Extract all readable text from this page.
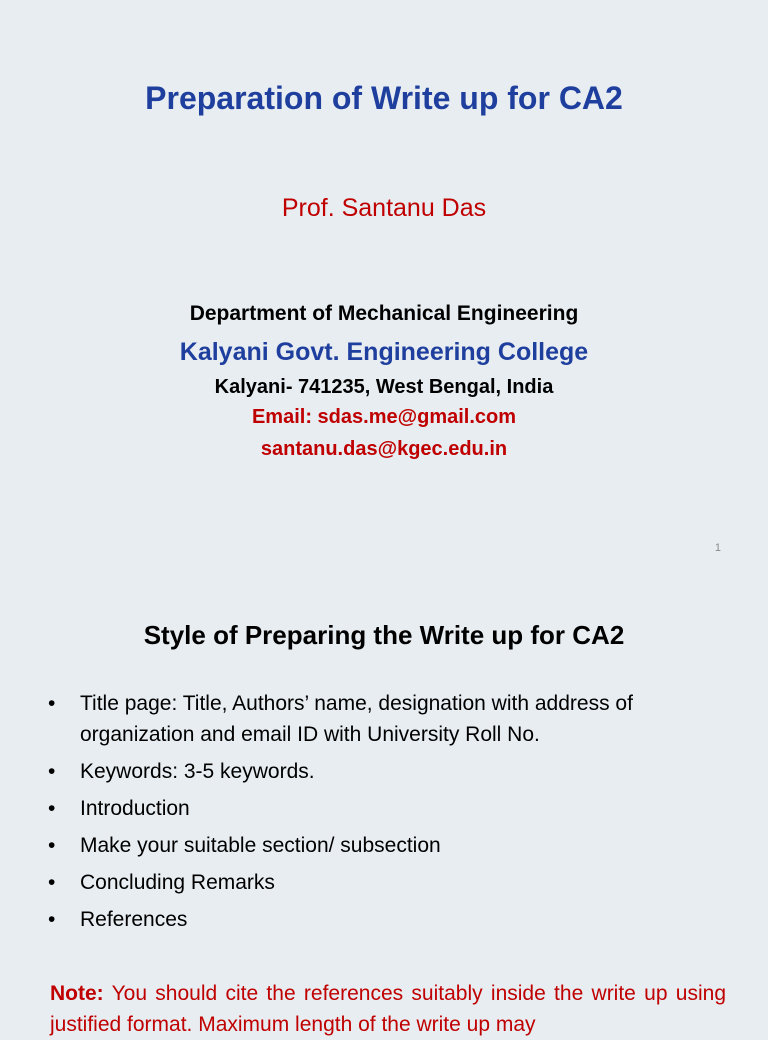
Preparation of Write up for CA2
Prof. Santanu Das
Department of Mechanical Engineering
Kalyani Govt. Engineering College
Kalyani- 741235, West Bengal, India
Email: sdas.me@gmail.com
santanu.das@kgec.edu.in
1
Style of Preparing the Write up for CA2
• Title page: Title, Authors’ name, designation with address of organization and email ID with University Roll No.
• Keywords: 3-5 keywords.
• Introduction
• Make your suitable section/ subsection
• Concluding Remarks
• References
Note: You should cite the references suitably inside the write up using justified format. Maximum length of the write up may
